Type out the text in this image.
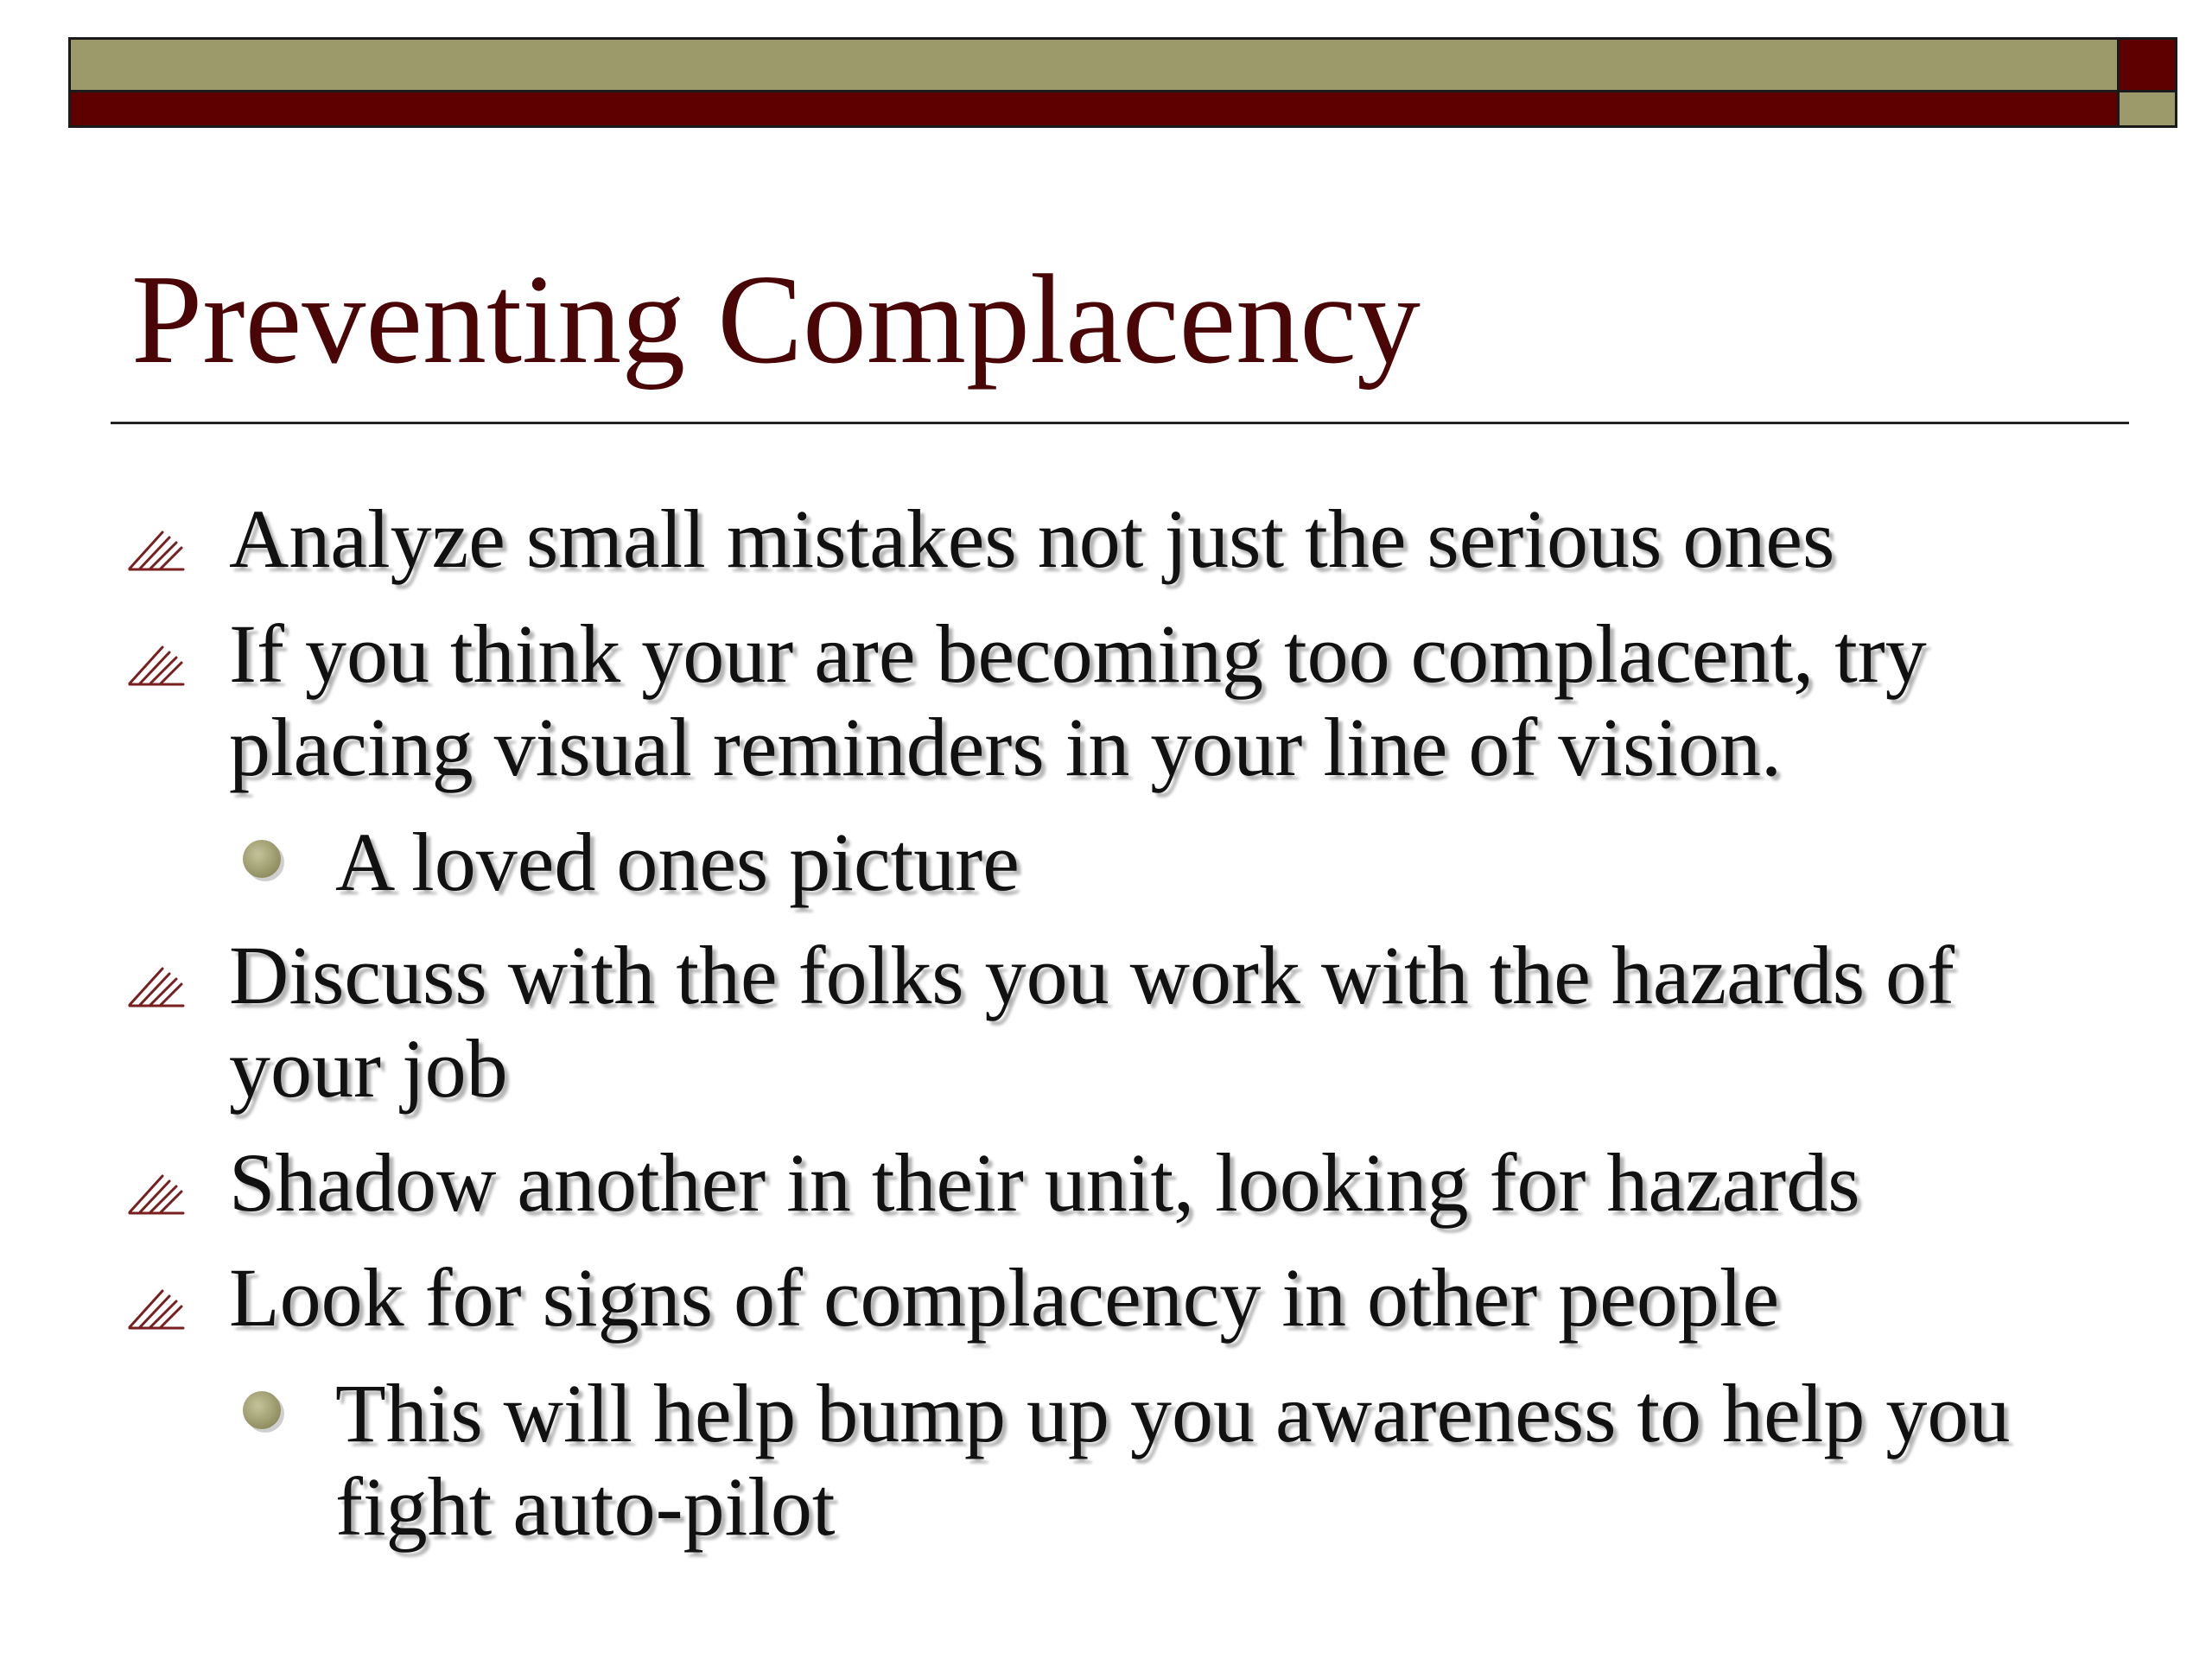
Preventing Complacency
Analyze small mistakes not just the serious ones
If you think your are becoming too complacent, try
placing visual reminders in your line of vision.
A loved ones picture
Discuss with the folks you work with the hazards of
your job
Shadow another in their unit, looking for hazards
Look for signs of complacency in other people
This will help bump up you awareness to help you
fight auto-pilot
